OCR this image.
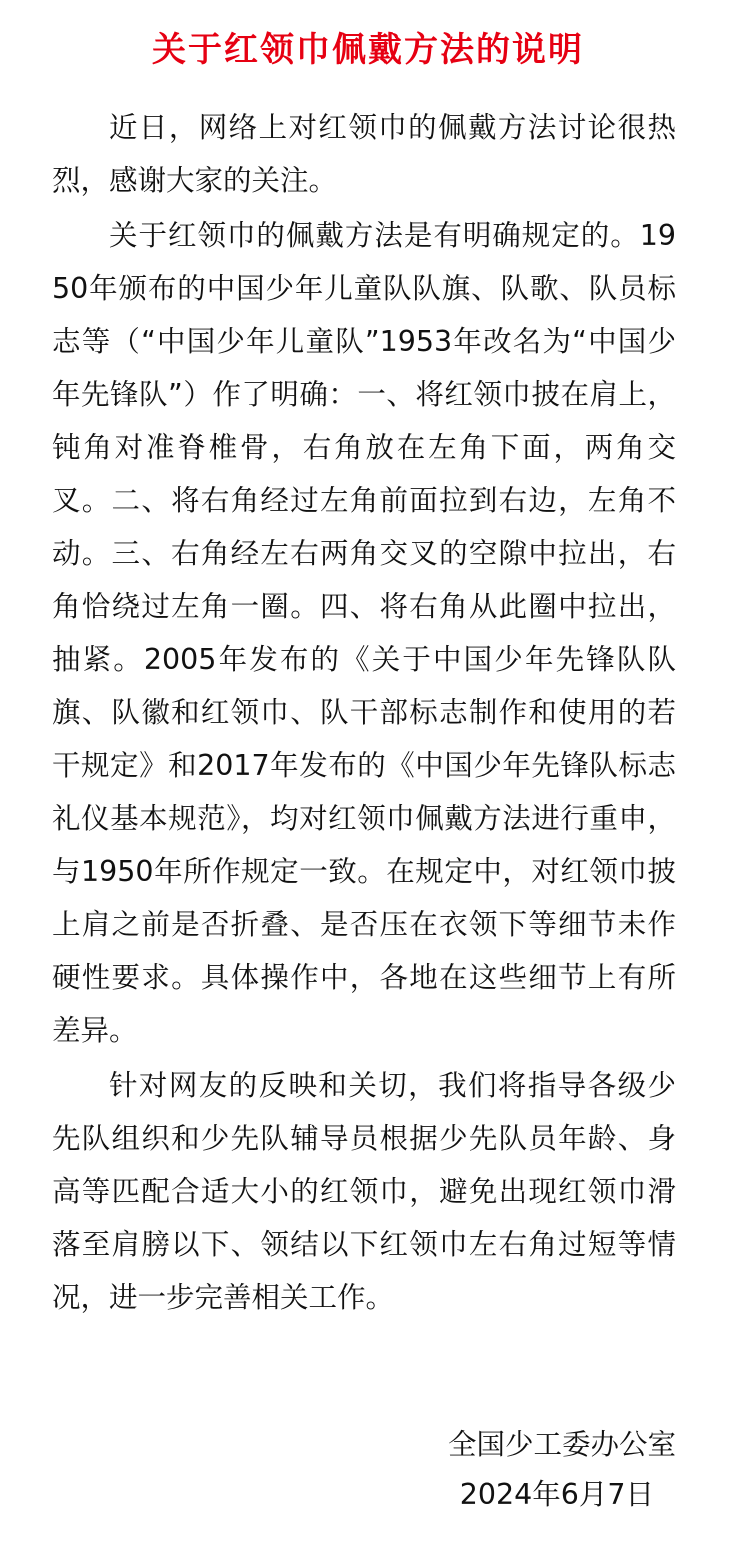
关于红领巾佩戴方法的说明

近日，网络上对红领巾的佩戴方法讨论很热烈，感谢大家的关注。

关于红领巾的佩戴方法是有明确规定的。1950年颁布的中国少年儿童队队旗、队歌、队员标志等（“中国少年儿童队”1953年改名为“中国少年先锋队”）作了明确：一、将红领巾披在肩上，钝角对准脊椎骨，右角放在左角下面，两角交叉。二、将右角经过左角前面拉到右边，左角不动。三、右角经左右两角交叉的空隙中拉出，右角恰绕过左角一圈。四、将右角从此圈中拉出，抽紧。2005年发布的《关于中国少年先锋队队旗、队徽和红领巾、队干部标志制作和使用的若干规定》和2017年发布的《中国少年先锋队标志礼仪基本规范》，均对红领巾佩戴方法进行重申，与1950年所作规定一致。在规定中，对红领巾披上肩之前是否折叠、是否压在衣领下等细节未作硬性要求。具体操作中，各地在这些细节上有所差异。

针对网友的反映和关切，我们将指导各级少先队组织和少先队辅导员根据少先队员年龄、身高等匹配合适大小的红领巾，避免出现红领巾滑落至肩膀以下、领结以下红领巾左右角过短等情况，进一步完善相关工作。

全国少工委办公室
2024年6月7日
